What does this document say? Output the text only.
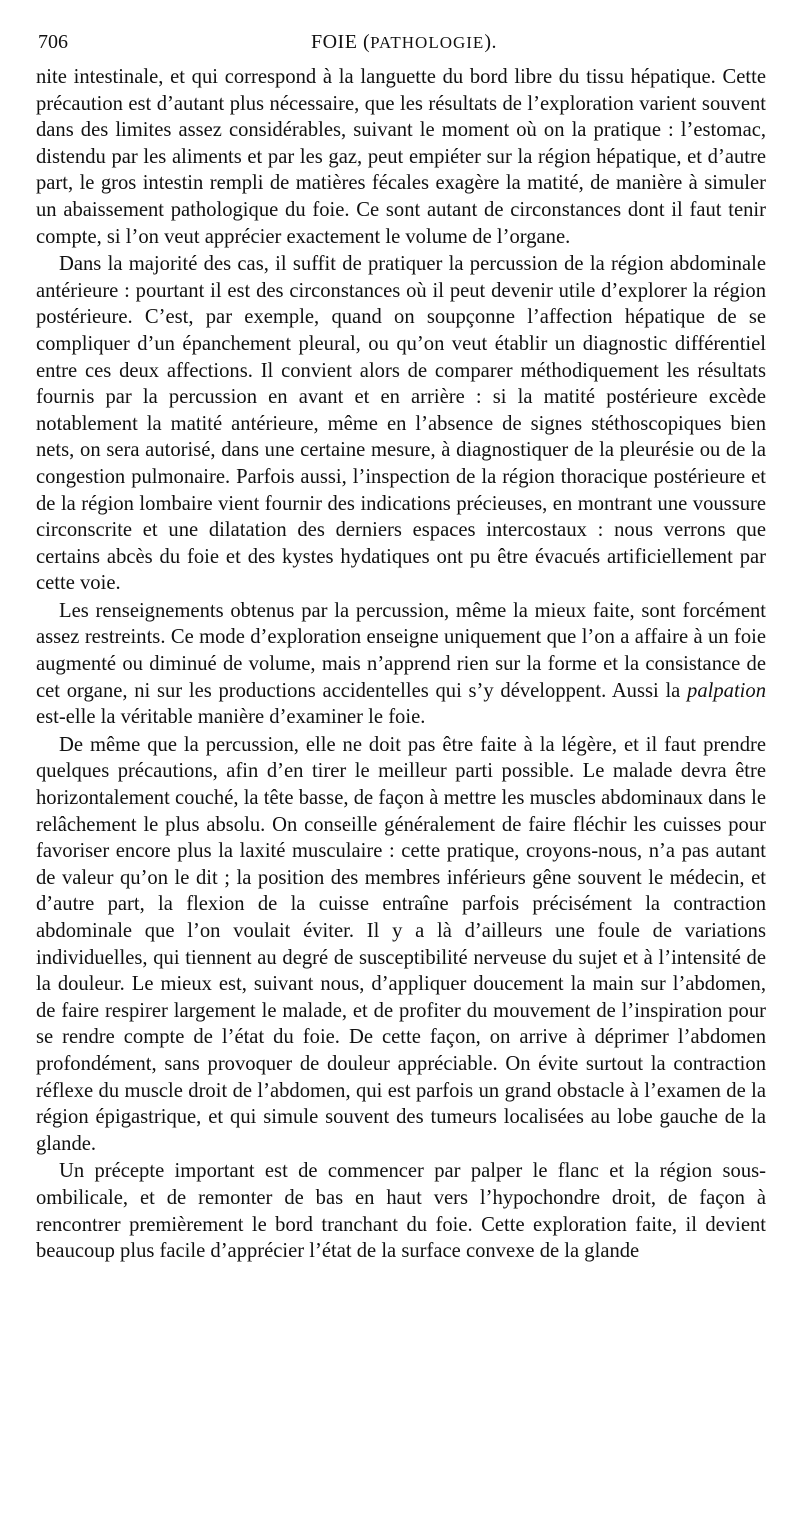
706	FOIE (PATHOLOGIE).

nite intestinale, et qui correspond à la languette du bord libre du tissu hépatique. Cette précaution est d’autant plus nécessaire, que les résultats de l’exploration varient souvent dans des limites assez considérables, suivant le moment où on la pratique : l’estomac, distendu par les aliments et par les gaz, peut empiéter sur la région hépatique, et d’autre part, le gros intestin rempli de matières fécales exagère la matité, de manière à simuler un abaissement pathologique du foie. Ce sont autant de circonstances dont il faut tenir compte, si l’on veut apprécier exactement le volume de l’organe.

Dans la majorité des cas, il suffit de pratiquer la percussion de la région abdominale antérieure : pourtant il est des circonstances où il peut devenir utile d’explorer la région postérieure. C’est, par exemple, quand on soupçonne l’affection hépatique de se compliquer d’un épanchement pleural, ou qu’on veut établir un diagnostic différentiel entre ces deux affections. Il convient alors de comparer méthodiquement les résultats fournis par la percussion en avant et en arrière : si la matité postérieure excède notablement la matité antérieure, même en l’absence de signes stéthoscopiques bien nets, on sera autorisé, dans une certaine mesure, à diagnostiquer de la pleurésie ou de la congestion pulmonaire. Parfois aussi, l’inspection de la région thoracique postérieure et de la région lombaire vient fournir des indications précieuses, en montrant une voussure circonscrite et une dilatation des derniers espaces intercostaux : nous verrons que certains abcès du foie et des kystes hydatiques ont pu être évacués artificiellement par cette voie.

Les renseignements obtenus par la percussion, même la mieux faite, sont forcément assez restreints. Ce mode d’exploration enseigne uniquement que l’on a affaire à un foie augmenté ou diminué de volume, mais n’apprend rien sur la forme et la consistance de cet organe, ni sur les productions accidentelles qui s’y développent. Aussi la palpation est-elle la véritable manière d’examiner le foie.

De même que la percussion, elle ne doit pas être faite à la légère, et il faut prendre quelques précautions, afin d’en tirer le meilleur parti possible. Le malade devra être horizontalement couché, la tête basse, de façon à mettre les muscles abdominaux dans le relâchement le plus absolu. On conseille généralement de faire fléchir les cuisses pour favoriser encore plus la laxité musculaire : cette pratique, croyons-nous, n’a pas autant de valeur qu’on le dit ; la position des membres inférieurs gêne souvent le médecin, et d’autre part, la flexion de la cuisse entraîne parfois précisément la contraction abdominale que l’on voulait éviter. Il y a là d’ailleurs une foule de variations individuelles, qui tiennent au degré de susceptibilité nerveuse du sujet et à l’intensité de la douleur. Le mieux est, suivant nous, d’appliquer doucement la main sur l’abdomen, de faire respirer largement le malade, et de profiter du mouvement de l’inspiration pour se rendre compte de l’état du foie. De cette façon, on arrive à déprimer l’abdomen profondément, sans provoquer de douleur appréciable. On évite surtout la contraction réflexe du muscle droit de l’abdomen, qui est parfois un grand obstacle à l’examen de la région épigastrique, et qui simule souvent des tumeurs localisées au lobe gauche de la glande.

Un précepte important est de commencer par palper le flanc et la région sous-ombilicale, et de remonter de bas en haut vers l’hypochondre droit, de façon à rencontrer premièrement le bord tranchant du foie. Cette exploration faite, il devient beaucoup plus facile d’apprécier l’état de la surface convexe de la glande
